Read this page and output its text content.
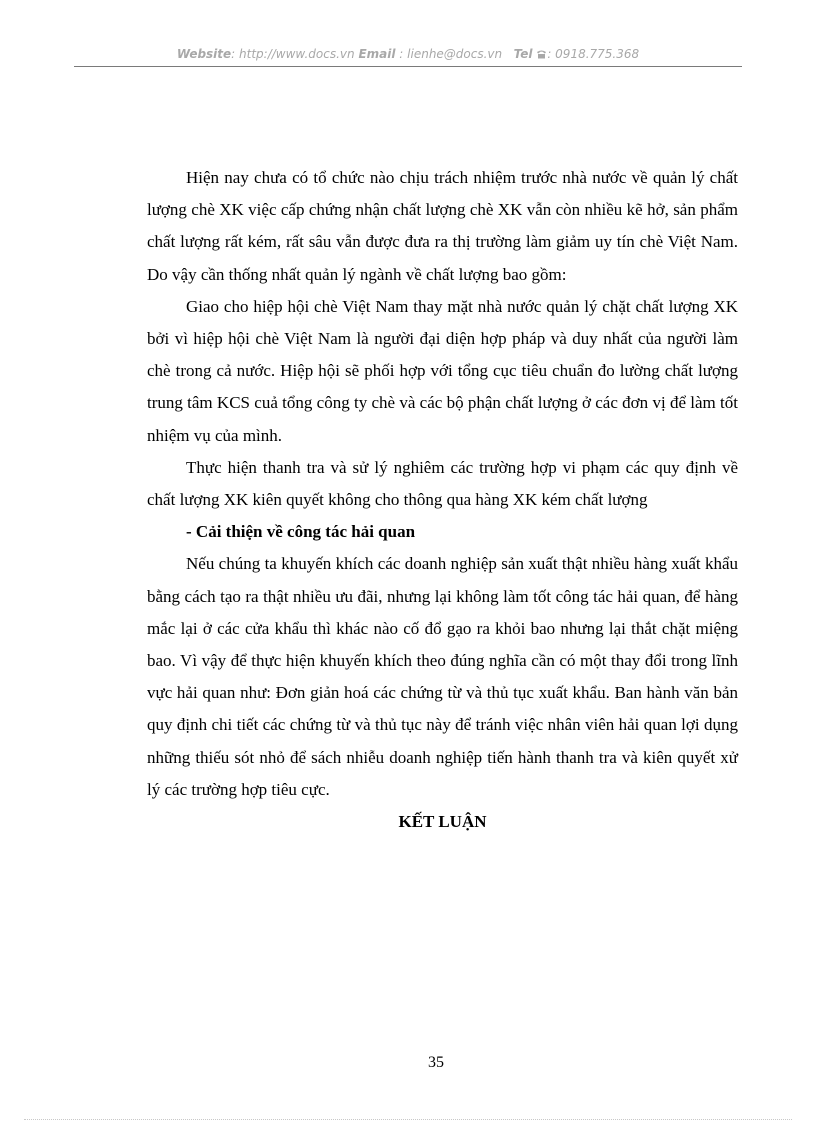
Website: http://www.docs.vn Email : lienhe@docs.vn Tel : 0918.775.368

Hiện nay chưa có tổ chức nào chịu trách nhiệm trước nhà nước về quản lý chất lượng chè XK việc cấp chứng nhận chất lượng chè XK vẫn còn nhiều kẽ hở, sản phẩm chất lượng rất kém, rất sâu vẫn được đưa ra thị trường làm giảm uy tín chè Việt Nam. Do vậy cần thống nhất quản lý ngành về chất lượng bao gồm:

Giao cho hiệp hội chè Việt Nam thay mặt nhà nước quản lý chặt chất lượng XK bởi vì hiệp hội chè Việt Nam là người đại diện hợp pháp và duy nhất của người làm chè trong cả nước. Hiệp hội sẽ phối hợp với tổng cục tiêu chuẩn đo lường chất lượng trung tâm KCS cuả tổng công ty chè và các bộ phận chất lượng ở các đơn vị để làm tốt nhiệm vụ của mình.

Thực hiện thanh tra và sử lý nghiêm các trường hợp vi phạm các quy định về chất lượng XK kiên quyết không cho thông qua hàng XK kém chất lượng

- Cải thiện về công tác hải quan

Nếu chúng ta khuyến khích các doanh nghiệp sản xuất thật nhiều hàng xuất khẩu bằng cách tạo ra thật nhiều ưu đãi, nhưng lại không làm tốt công tác hải quan, để hàng mắc lại ở các cửa khẩu thì khác nào cố đổ gạo ra khỏi bao nhưng lại thắt chặt miệng bao. Vì vậy để thực hiện khuyến khích theo đúng nghĩa cần có một thay đổi trong lĩnh vực hải quan như: Đơn giản hoá các chứng từ và thủ tục xuất khẩu. Ban hành văn bản quy định chi tiết các chứng từ và thủ tục này để tránh việc nhân viên hải quan lợi dụng những thiếu sót nhỏ để sách nhiễu doanh nghiệp tiến hành thanh tra và kiên quyết xử lý các trường hợp tiêu cực.

KẾT LUẬN

35
